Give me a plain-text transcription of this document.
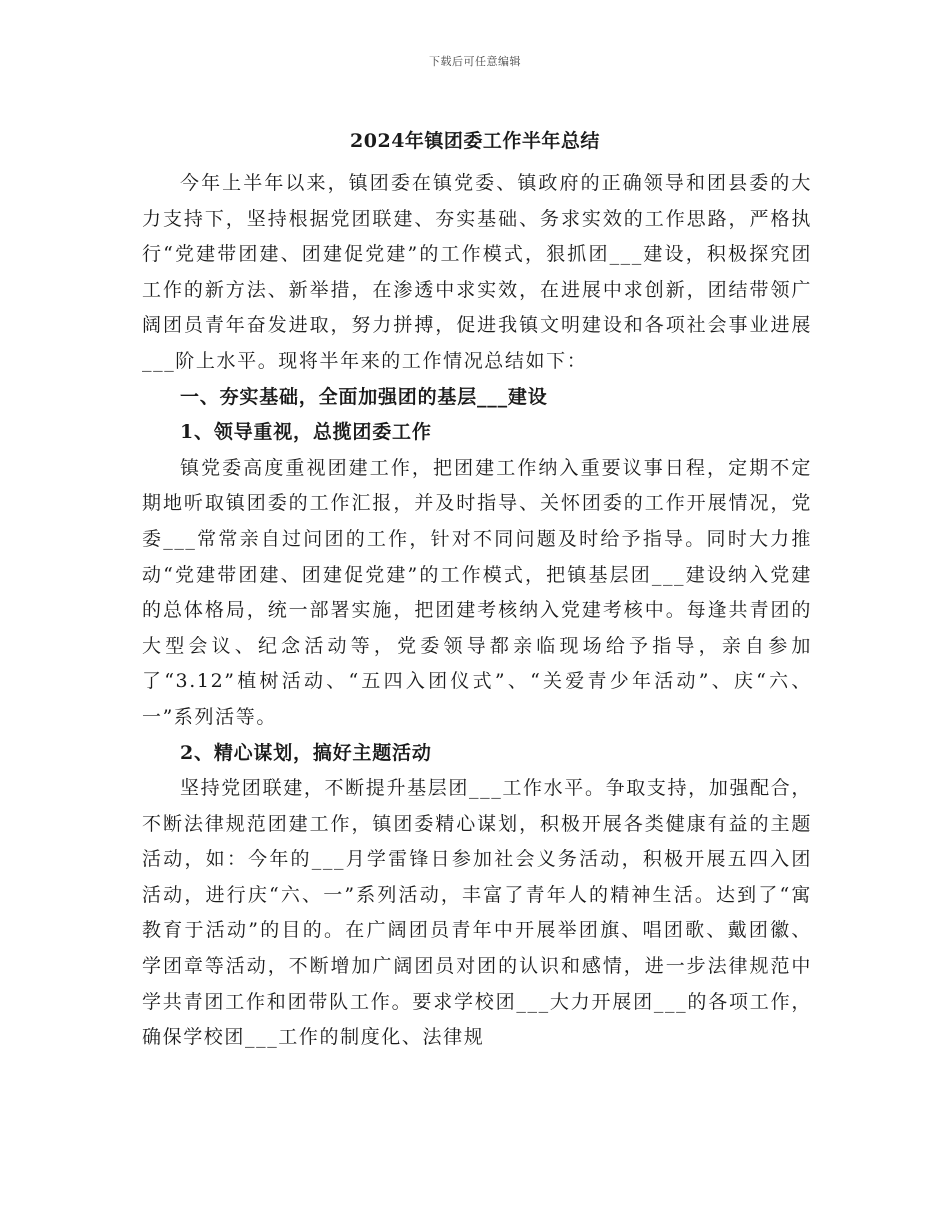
下载后可任意编辑
2024年镇团委工作半年总结

今年上半年以来，镇团委在镇党委、镇政府的正确领导和团县委的大力支持下，坚持根据党团联建、夯实基础、务求实效的工作思路，严格执行“党建带团建、团建促党建”的工作模式，狠抓团___建设，积极探究团工作的新方法、新举措，在渗透中求实效，在进展中求创新，团结带领广阔团员青年奋发进取，努力拼搏，促进我镇文明建设和各项社会事业进展___阶上水平。现将半年来的工作情况总结如下：

一、夯实基础，全面加强团的基层___建设

1、领导重视，总揽团委工作

镇党委高度重视团建工作，把团建工作纳入重要议事日程，定期不定期地听取镇团委的工作汇报，并及时指导、关怀团委的工作开展情况，党委___常常亲自过问团的工作，针对不同问题及时给予指导。同时大力推动“党建带团建、团建促党建”的工作模式，把镇基层团___建设纳入党建的总体格局，统一部署实施，把团建考核纳入党建考核中。每逢共青团的大型会议、纪念活动等，党委领导都亲临现场给予指导，亲自参加了“3.12”植树活动、“五四入团仪式”、“关爱青少年活动”、庆“六、一”系列活等。

2、精心谋划，搞好主题活动

坚持党团联建，不断提升基层团___工作水平。争取支持，加强配合，不断法律规范团建工作，镇团委精心谋划，积极开展各类健康有益的主题活动，如：今年的___月学雷锋日参加社会义务活动，积极开展五四入团活动，进行庆“六、一”系列活动，丰富了青年人的精神生活。达到了“寓教育于活动”的目的。在广阔团员青年中开展举团旗、唱团歌、戴团徽、学团章等活动，不断增加广阔团员对团的认识和感情，进一步法律规范中学共青团工作和团带队工作。要求学校团___大力开展团___的各项工作，确保学校团___工作的制度化、法律规
